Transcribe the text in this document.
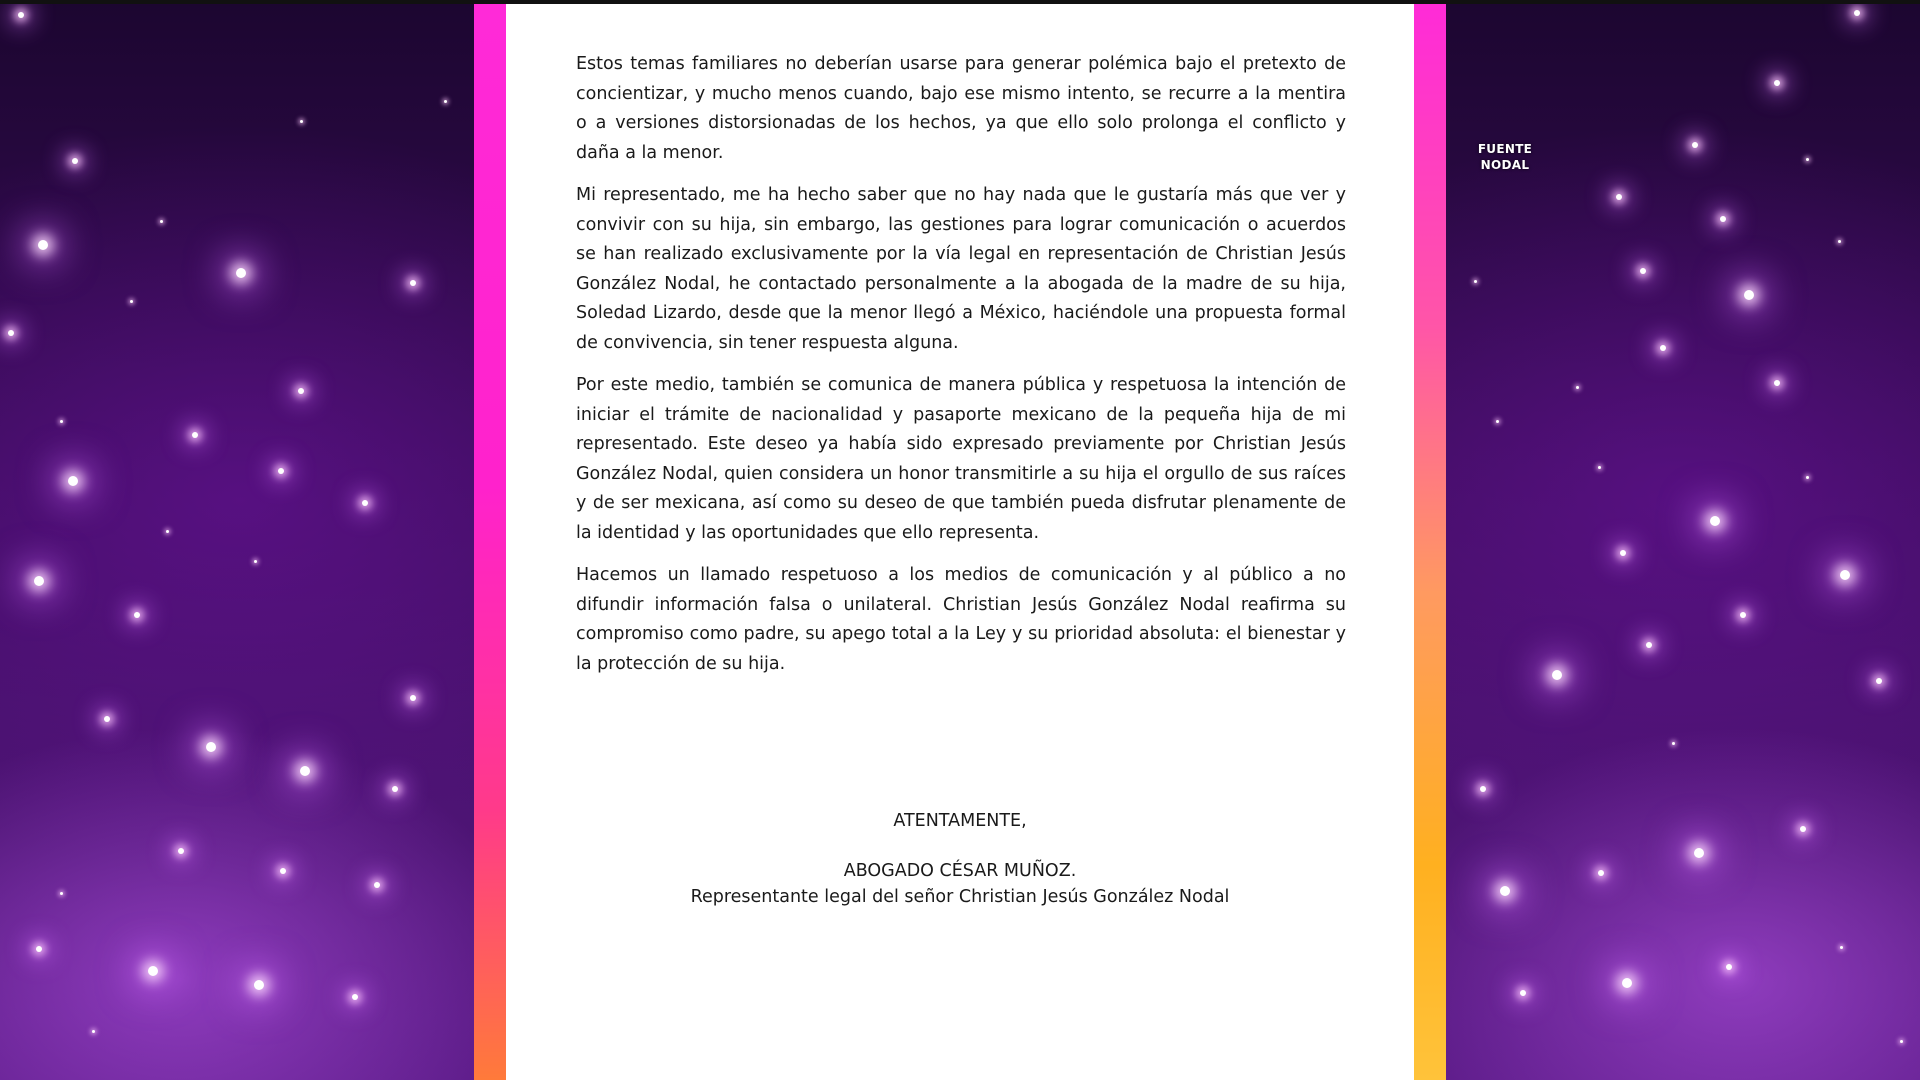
Estos temas familiares no deberían usarse para generar polémica bajo el pretexto de concientizar, y mucho menos cuando, bajo ese mismo intento, se recurre a la mentira o a versiones distorsionadas de los hechos, ya que ello solo prolonga el conflicto y daña a la menor.

Mi representado, me ha hecho saber que no hay nada que le gustaría más que ver y convivir con su hija, sin embargo, las gestiones para lograr comunicación o acuerdos se han realizado exclusivamente por la vía legal en representación de Christian Jesús González Nodal, he contactado personalmente a la abogada de la madre de su hija, Soledad Lizardo, desde que la menor llegó a México, haciéndole una propuesta formal de convivencia, sin tener respuesta alguna.

Por este medio, también se comunica de manera pública y respetuosa la intención de iniciar el trámite de nacionalidad y pasaporte mexicano de la pequeña hija de mi representado. Este deseo ya había sido expresado previamente por Christian Jesús González Nodal, quien considera un honor transmitirle a su hija el orgullo de sus raíces y de ser mexicana, así como su deseo de que también pueda disfrutar plenamente de la identidad y las oportunidades que ello representa.

Hacemos un llamado respetuoso a los medios de comunicación y al público a no difundir información falsa o unilateral. Christian Jesús González Nodal reafirma su compromiso como padre, su apego total a la Ley y su prioridad absoluta: el bienestar y la protección de su hija.

ATENTAMENTE,
ABOGADO CÉSAR MUÑOZ.
Representante legal del señor Christian Jesús González Nodal
FUENTE
NODAL
